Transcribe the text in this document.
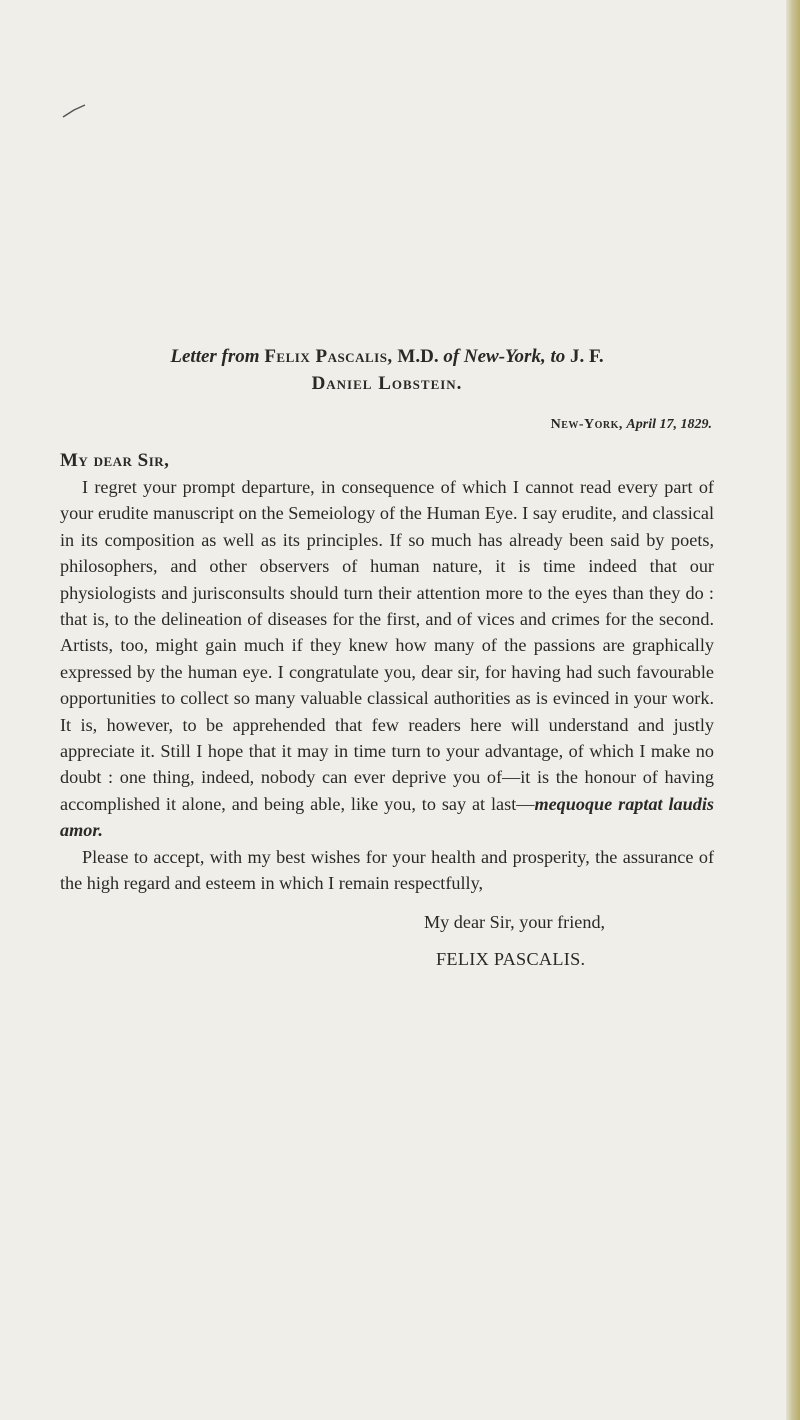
Letter from Felix Pascalis, M.D. of New-York, to J. F.

Daniel Lobstein.

New-York, April 17, 1829.

My dear Sir,

I regret your prompt departure, in consequence of which I cannot read every part of your erudite manuscript on the Semeiology of the Human Eye. I say erudite, and classical in its composition as well as its principles. If so much has already been said by poets, philosophers, and other observers of human nature, it is time indeed that our physiologists and jurisconsults should turn their attention more to the eyes than they do : that is, to the delineation of diseases for the first, and of vices and crimes for the second. Artists, too, might gain much if they knew how many of the passions are graphically expressed by the human eye. I congratulate you, dear sir, for having had such favourable opportunities to collect so many valuable classical authorities as is evinced in your work. It is, however, to be apprehended that few readers here will understand and justly appreciate it. Still I hope that it may in time turn to your advantage, of which I make no doubt : one thing, indeed, nobody can ever deprive you of—it is the honour of having accomplished it alone, and being able, like you, to say at last—mequoque raptat laudis amor.

Please to accept, with my best wishes for your health and prosperity, the assurance of the high regard and esteem in which I remain respectfully,

My dear Sir, your friend,

FELIX PASCALIS.
